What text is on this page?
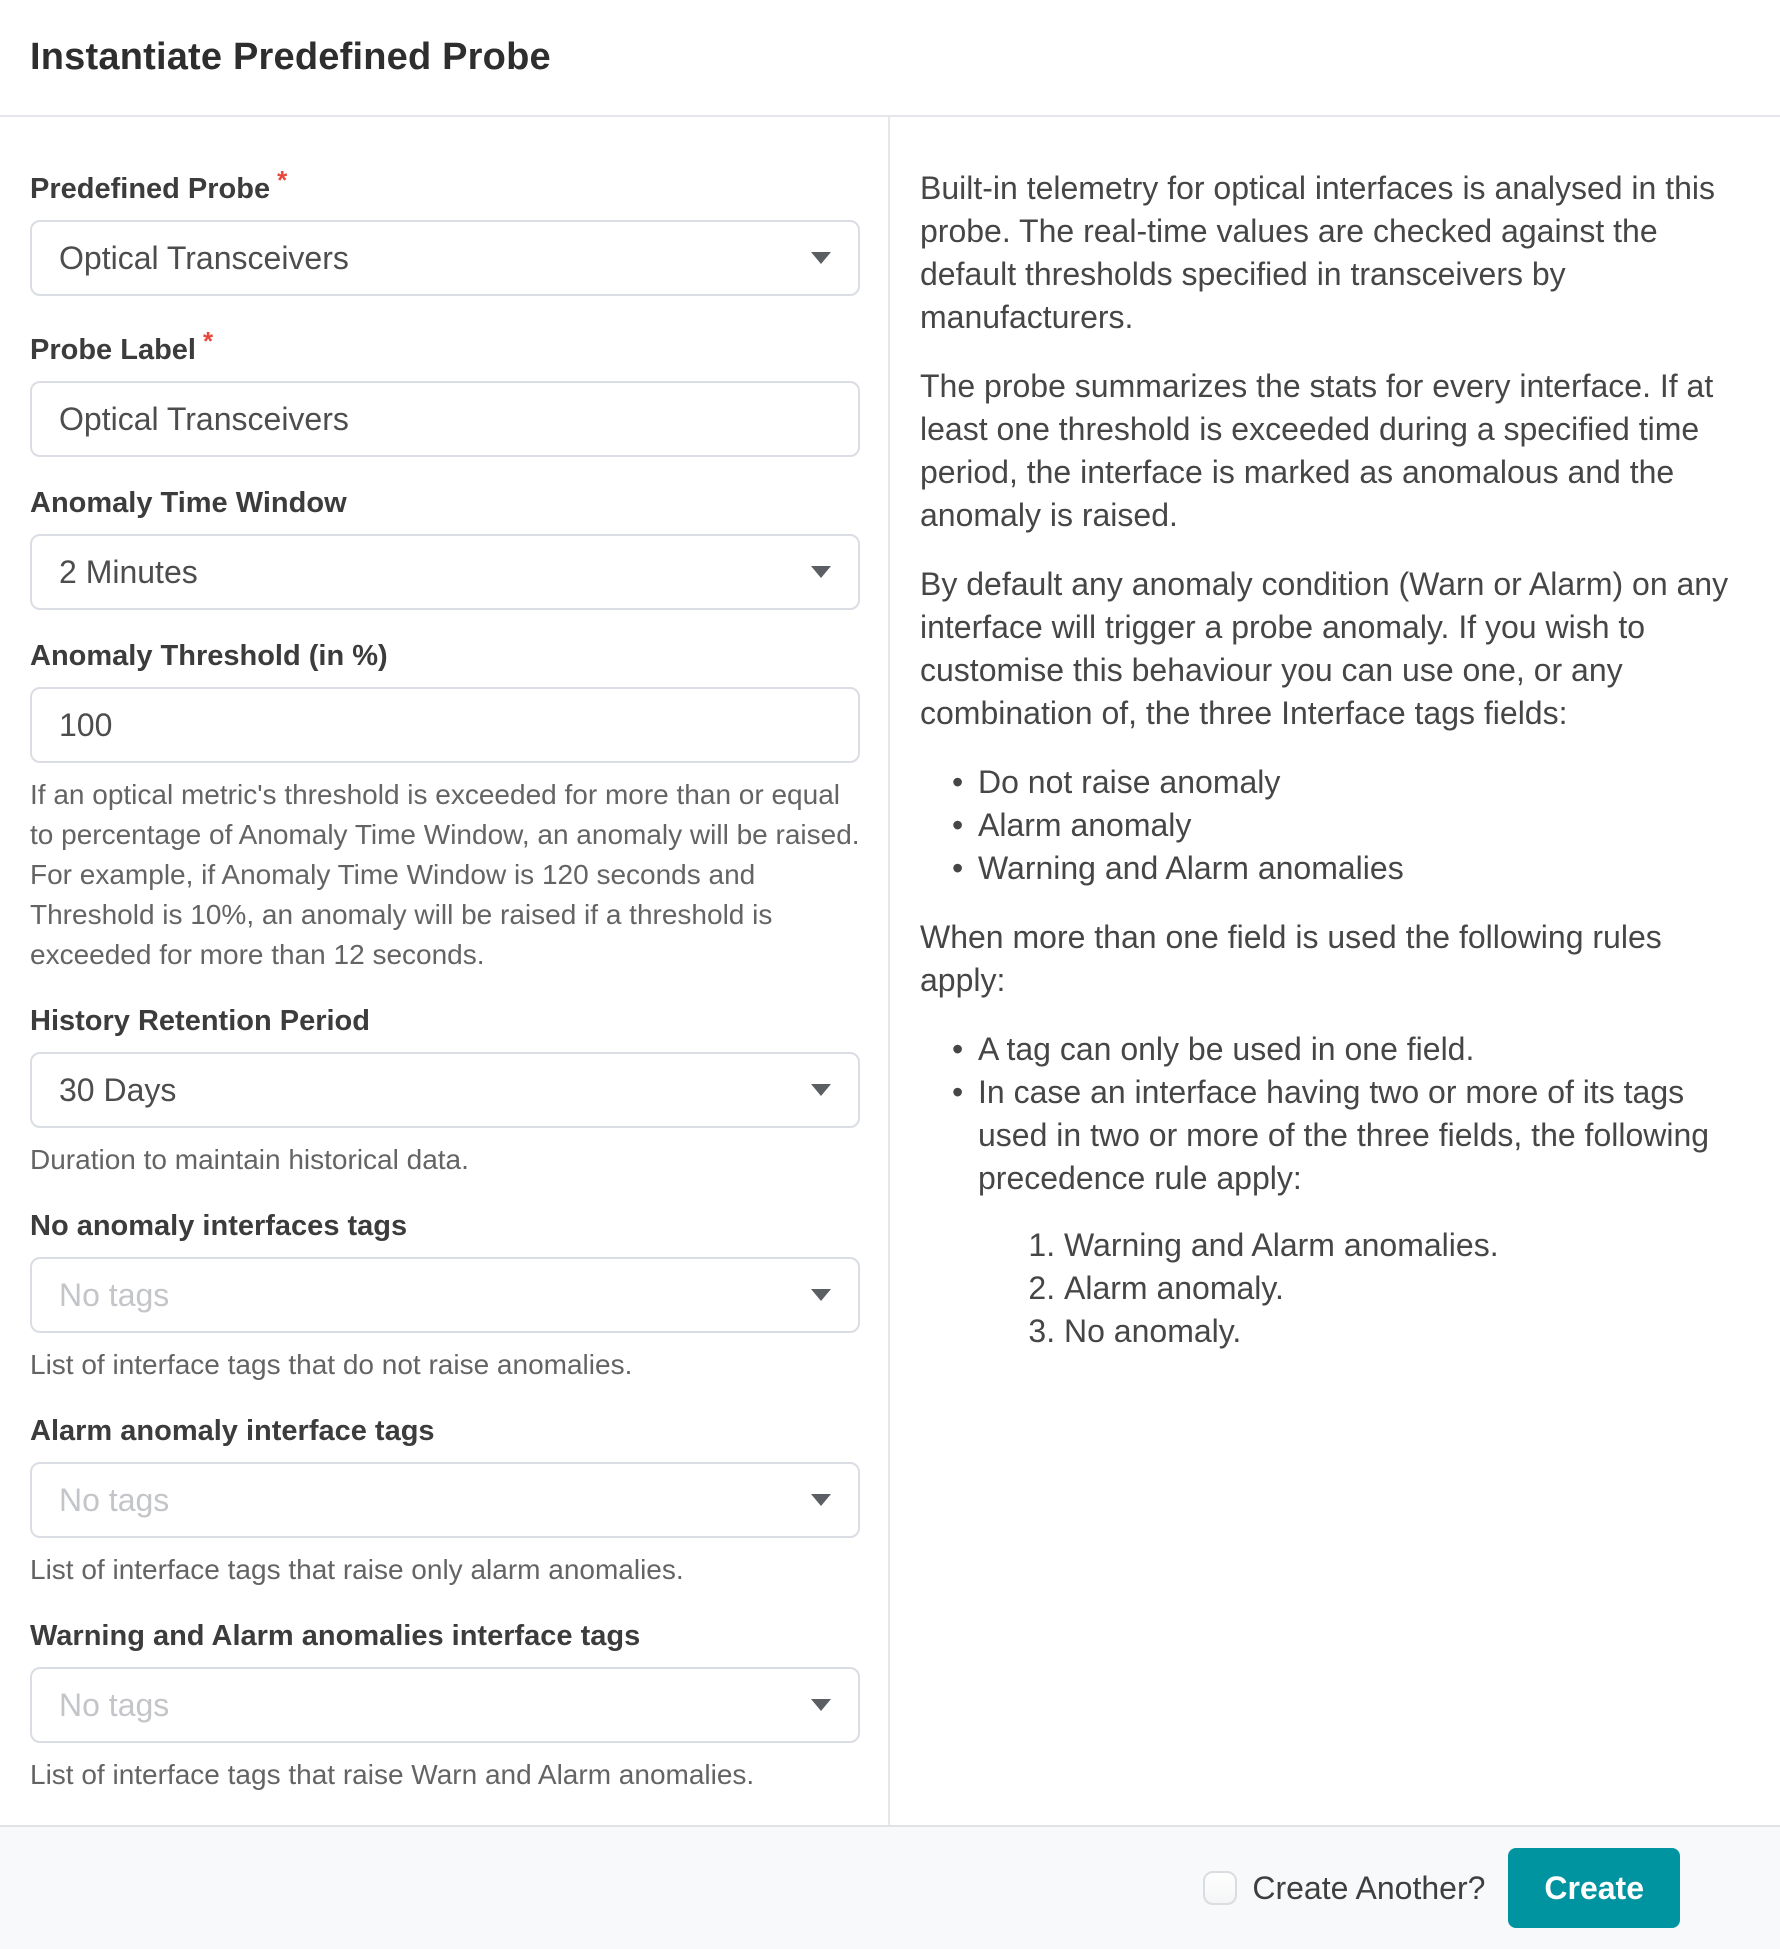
Instantiate Predefined Probe
Predefined Probe *
Optical Transceivers
Probe Label *
Optical Transceivers
Anomaly Time Window
2 Minutes
Anomaly Threshold (in %)
100
If an optical metric's threshold is exceeded for more than or equal to percentage of Anomaly Time Window, an anomaly will be raised. For example, if Anomaly Time Window is 120 seconds and Threshold is 10%, an anomaly will be raised if a threshold is exceeded for more than 12 seconds.
History Retention Period
30 Days
Duration to maintain historical data.
No anomaly interfaces tags
No tags
List of interface tags that do not raise anomalies.
Alarm anomaly interface tags
No tags
List of interface tags that raise only alarm anomalies.
Warning and Alarm anomalies interface tags
No tags
List of interface tags that raise Warn and Alarm anomalies.

Built-in telemetry for optical interfaces is analysed in this probe. The real-time values are checked against the default thresholds specified in transceivers by manufacturers.

The probe summarizes the stats for every interface. If at least one threshold is exceeded during a specified time period, the interface is marked as anomalous and the anomaly is raised.

By default any anomaly condition (Warn or Alarm) on any interface will trigger a probe anomaly. If you wish to customise this behaviour you can use one, or any combination of, the three Interface tags fields:

• Do not raise anomaly
• Alarm anomaly
• Warning and Alarm anomalies

When more than one field is used the following rules apply:

• A tag can only be used in one field.
• In case an interface having two or more of its tags used in two or more of the three fields, the following precedence rule apply:
1. Warning and Alarm anomalies.
2. Alarm anomaly.
3. No anomaly.
Create Another?	Create
